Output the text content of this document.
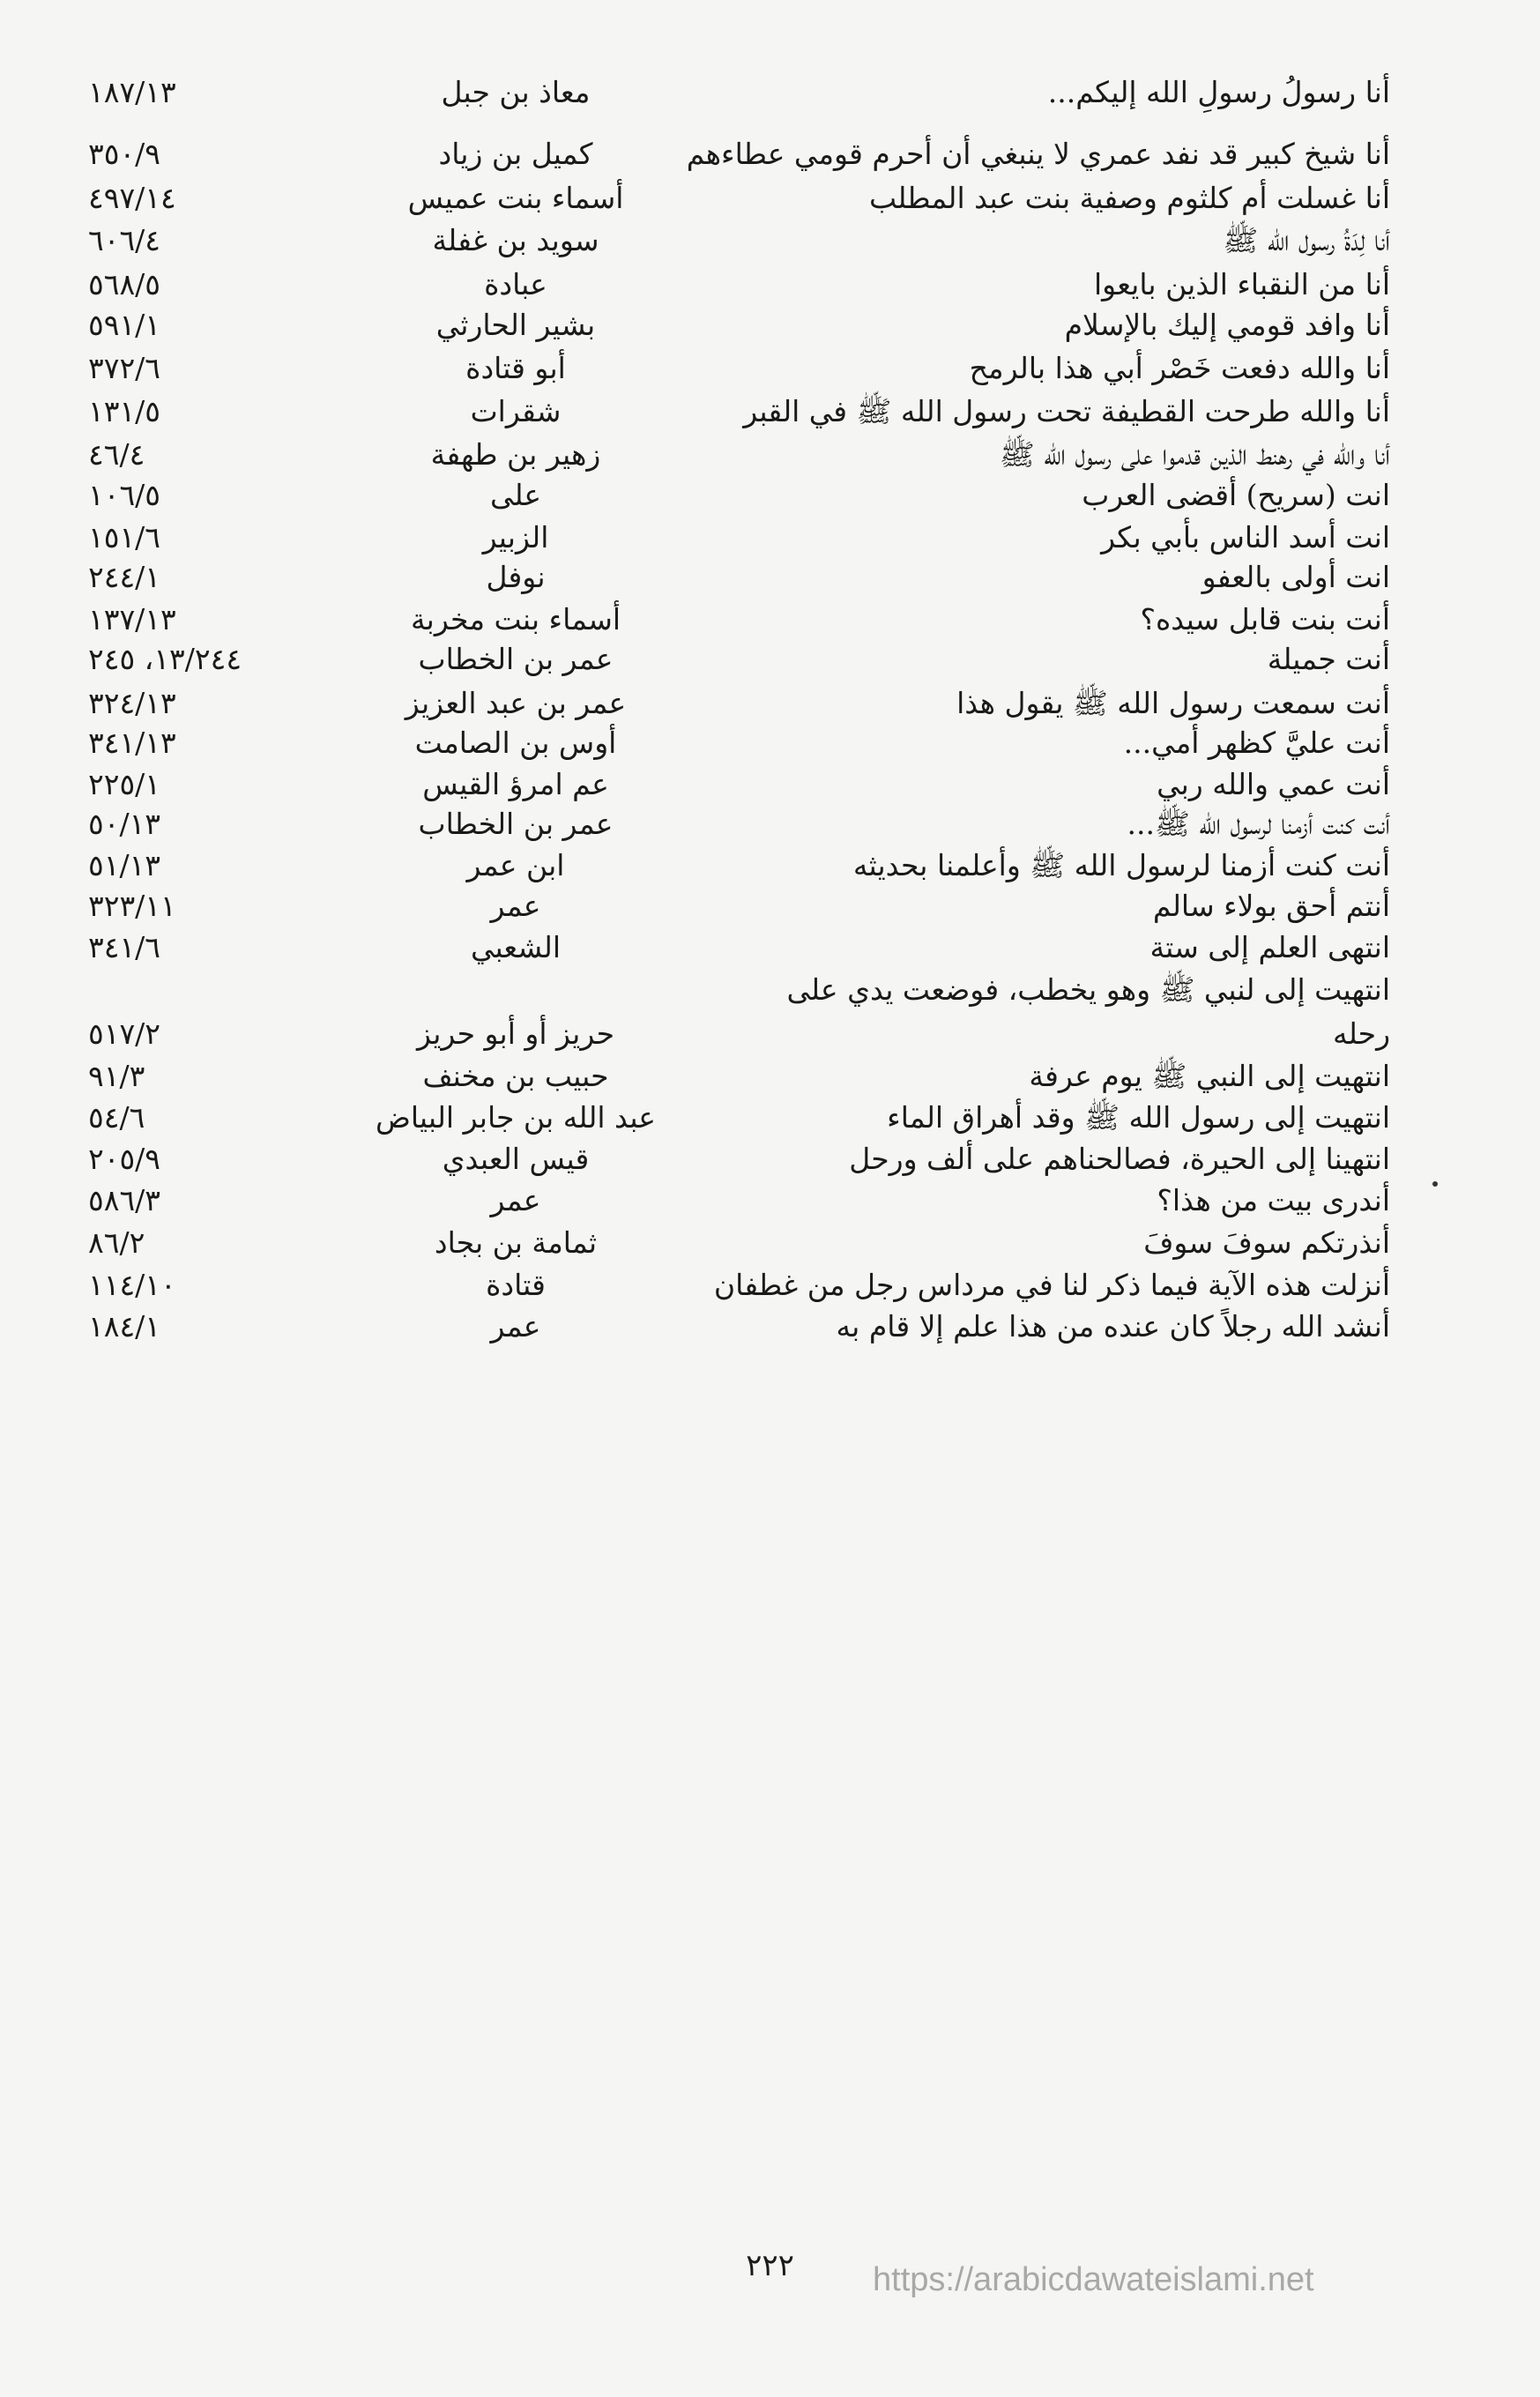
أنا رسولُ رسولِ الله إليكم...
معاذ بن جبل
١٨٧/١٣
أنا شيخ كبير قد نفد عمري لا ينبغي أن أحرم قومي عطاءهم
كميل بن زياد
٣٥٠/٩
أنا غسلت أم كلثوم وصفية بنت عبد المطلب
أسماء بنت عميس
٤٩٧/١٤
أنا لِدَةُ رسول الله ﷺ
سويد بن غفلة
٦٠٦/٤
أنا من النقباء الذين بايعوا
عبادة
٥٦٨/٥
أنا وافد قومي إليك بالإسلام
بشير الحارثي
٥٩١/١
أنا والله دفعت خَصْر أبي هذا بالرمح
أبو قتادة
٣٧٢/٦
أنا والله طرحت القطيفة تحت رسول الله ﷺ في القبر
شقرات
١٣١/٥
أنا والله في رهنط الذين قدموا على رسول الله ﷺ
زهير بن طهفة
٤٦/٤
انت (سريح) أقضى العرب
على
١٠٦/٥
انت أسد الناس بأبي بكر
الزبير
١٥١/٦
انت أولى بالعفو
نوفل
٢٤٤/١
أنت بنت قابل سيده؟
أسماء بنت مخربة
١٣٧/١٣
أنت جميلة
عمر بن الخطاب
١٣/٢٤٤، ٢٤٥
أنت سمعت رسول الله ﷺ يقول هذا
عمر بن عبد العزيز
٣٢٤/١٣
أنت عليَّ كظهر أمي...
أوس بن الصامت
٣٤١/١٣
أنت عمي والله ربي
عم امرؤ القيس
٢٢٥/١
أنت كنت أزمنا لرسول الله ﷺ...
عمر بن الخطاب
٥٠/١٣
أنت كنت أزمنا لرسول الله ﷺ وأعلمنا بحديثه
ابن عمر
٥١/١٣
أنتم أحق بولاء سالم
عمر
٣٢٣/١١
انتهى العلم إلى ستة
الشعبي
٣٤١/٦
انتهيت إلى لنبي ﷺ وهو يخطب، فوضعت يدي على
رحله
حريز أو أبو حريز
٥١٧/٢
انتهيت إلى النبي ﷺ يوم عرفة
حبيب بن مخنف
٩١/٣
انتهيت إلى رسول الله ﷺ وقد أهراق الماء
عبد الله بن جابر البياض
٥٤/٦
انتهينا إلى الحيرة، فصالحناهم على ألف ورحل
قيس العبدي
٢٠٥/٩
أندرى بيت من هذا؟
عمر
٥٨٦/٣
أنذرتكم سوفَ سوفَ
ثمامة بن بجاد
٨٦/٢
أنزلت هذه الآية فيما ذكر لنا في مرداس رجل من غطفان
قتادة
١١٤/١٠
أنشد الله رجلاً كان عنده من هذا علم إلا قام به
عمر
١٨٤/١
٢٢٢	https://arabicdawateislami.net
